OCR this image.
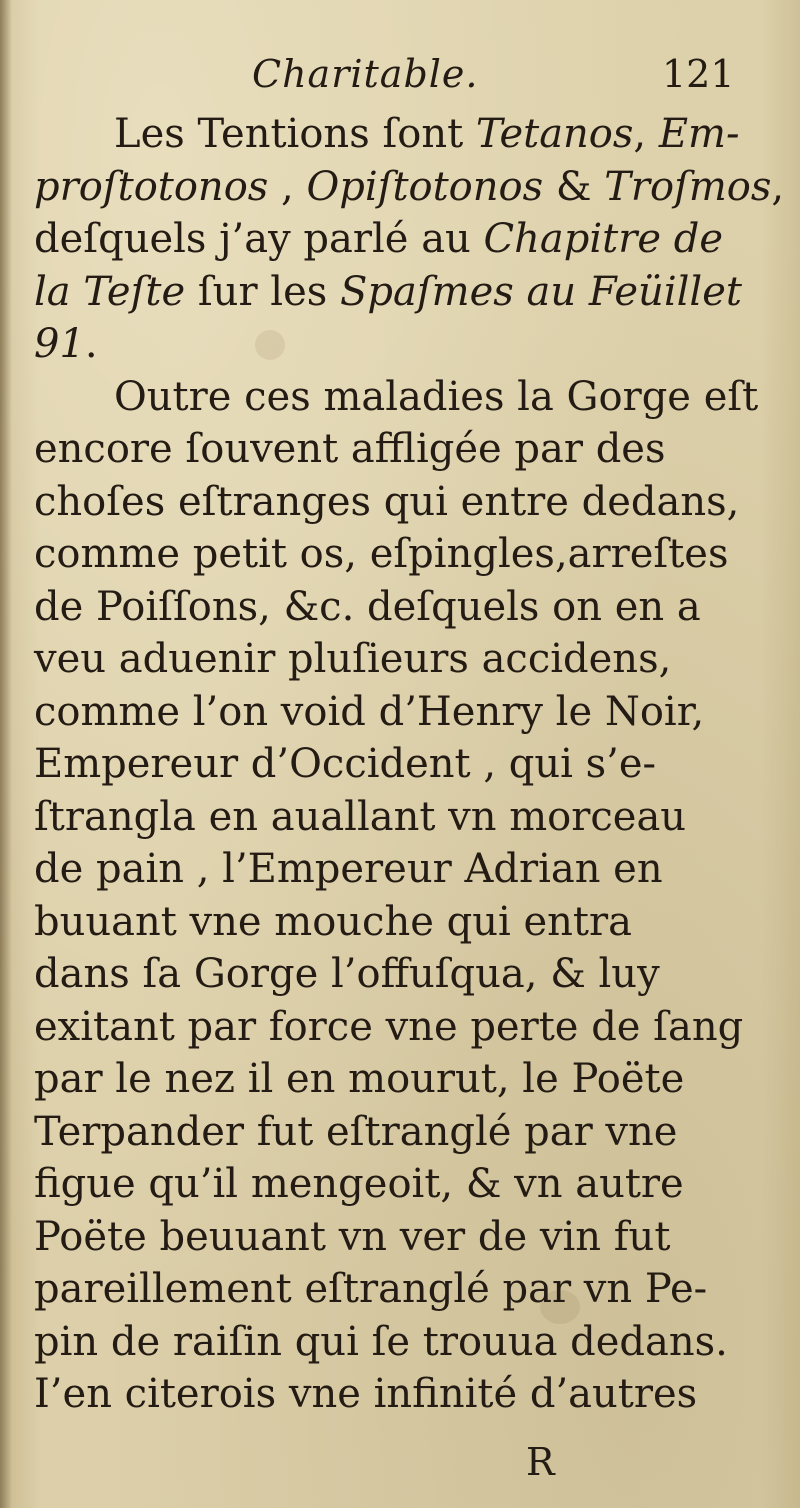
Charitable.	121
Les Tentions ſont Tetanos, Em-
proſtotonos , Opiſtotonos & Troſmos,
deſquels j’ay parlé au Chapitre de
la Teſte ſur les Spaſmes au Feüillet
91.
Outre ces maladies la Gorge eſt
encore ſouvent affligée par des
choſes eſtranges qui entre dedans,
comme petit os, eſpingles,arreſtes
de Poiſſons, &c. deſquels on en a
veu aduenir pluſieurs accidens,
comme l’on void d’Henry le Noir,
Empereur d’Occident , qui s’e-
ſtrangla en auallant vn morceau
de pain , l’Empereur Adrian en
buuant vne mouche qui entra
dans ſa Gorge l’offuſqua, & luy
exitant par force vne perte de ſang
par le nez il en mourut, le Poëte
Terpander fut eſtranglé par vne
figue qu’il mengeoit, & vn autre
Poëte beuuant vn ver de vin fut
pareillement eſtranglé par vn Pe-
pin de raiſin qui ſe trouua dedans.
I’en citerois vne infinité d’autres
R
